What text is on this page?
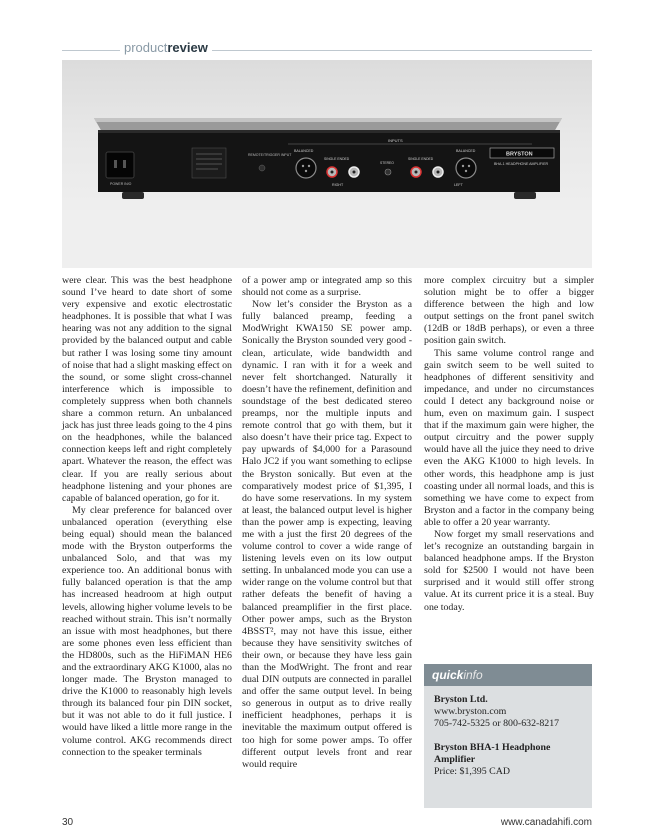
productreview
POWER IN/O
REMOTE/TRIGGER INPUT
INPUTS
BALANCED
SINGLE ENDED
RIGHT
STEREO
SINGLE ENDED
LEFT
BALANCED
BRYSTON
BHA-1 HEADPHONE AMPLIFIER

were clear. This was the best headphone sound I’ve heard to date short of some very expensive and exotic electrostatic headphones. It is possible that what I was hearing was not any addition to the signal provided by the balanced output and cable but rather I was losing some tiny amount of noise that had a slight masking effect on the sound, or some slight cross-channel interference which is impossible to completely suppress when both channels share a common return. An unbalanced jack has just three leads going to the 4 pins on the headphones, while the balanced connection keeps left and right completely apart. Whatever the reason, the effect was clear. If you are really serious about headphone listening and your phones are capable of balanced operation, go for it.

My clear preference for balanced over unbalanced operation (everything else being equal) should mean the balanced mode with the Bryston outperforms the unbalanced Solo, and that was my experience too. An additional bonus with fully balanced operation is that the amp has increased headroom at high output levels, allowing higher volume levels to be reached without strain. This isn’t normally an issue with most headphones, but there are some phones even less efficient than the HD800s, such as the HiFiMAN HE6 and the extraordinary AKG K1000, alas no longer made. The Bryston managed to drive the K1000 to reasonably high levels through its balanced four pin DIN socket, but it was not able to do it full justice. I would have liked a little more range in the volume control. AKG recommends direct connection to the speaker terminals

of a power amp or integrated amp so this should not come as a surprise.

Now let’s consider the Bryston as a fully balanced preamp, feeding a ModWright KWA150 SE power amp. Sonically the Bryston sounded very good - clean, articulate, wide bandwidth and dynamic. I ran with it for a week and never felt shortchanged. Naturally it doesn’t have the refinement, definition and soundstage of the best dedicated stereo preamps, nor the multiple inputs and remote control that go with them, but it also doesn’t have their price tag. Expect to pay upwards of $4,000 for a Parasound Halo JC2 if you want something to eclipse the Bryston sonically. But even at the comparatively modest price of $1,395, I do have some reservations. In my system at least, the balanced output level is higher than the power amp is expecting, leaving me with a just the first 20 degrees of the volume control to cover a wide range of listening levels even on its low output setting. In unbalanced mode you can use a wider range on the volume control but that rather defeats the benefit of having a balanced preamplifier in the first place. Other power amps, such as the Bryston 4BSST², may not have this issue, either because they have sensitivity switches of their own, or because they have less gain than the ModWright. The front and rear dual DIN outputs are connected in parallel and offer the same output level. In being so generous in output as to drive really inefficient headphones, perhaps it is inevitable the maximum output offered is too high for some power amps. To offer different output levels front and rear would require

more complex circuitry but a simpler solution might be to offer a bigger difference between the high and low output settings on the front panel switch (12dB or 18dB perhaps), or even a three position gain switch.

This same volume control range and gain switch seem to be well suited to headphones of different sensitivity and impedance, and under no circumstances could I detect any background noise or hum, even on maximum gain. I suspect that if the maximum gain were higher, the output circuitry and the power supply would have all the juice they need to drive even the AKG K1000 to high levels. In other words, this headphone amp is just coasting under all normal loads, and this is something we have come to expect from Bryston and a factor in the company being able to offer a 20 year warranty.

Now forget my small reservations and let’s recognize an outstanding bargain in balanced headphone amps. If the Bryston sold for $2500 I would not have been surprised and it would still offer strong value. At its current price it is a steal. Buy one today.

quickinfo
Bryston Ltd.
www.bryston.com
705-742-5325 or 800-632-8217
Bryston BHA-1 Headphone Amplifier
Price: $1,395 CAD
30	www.canadahifi.com
